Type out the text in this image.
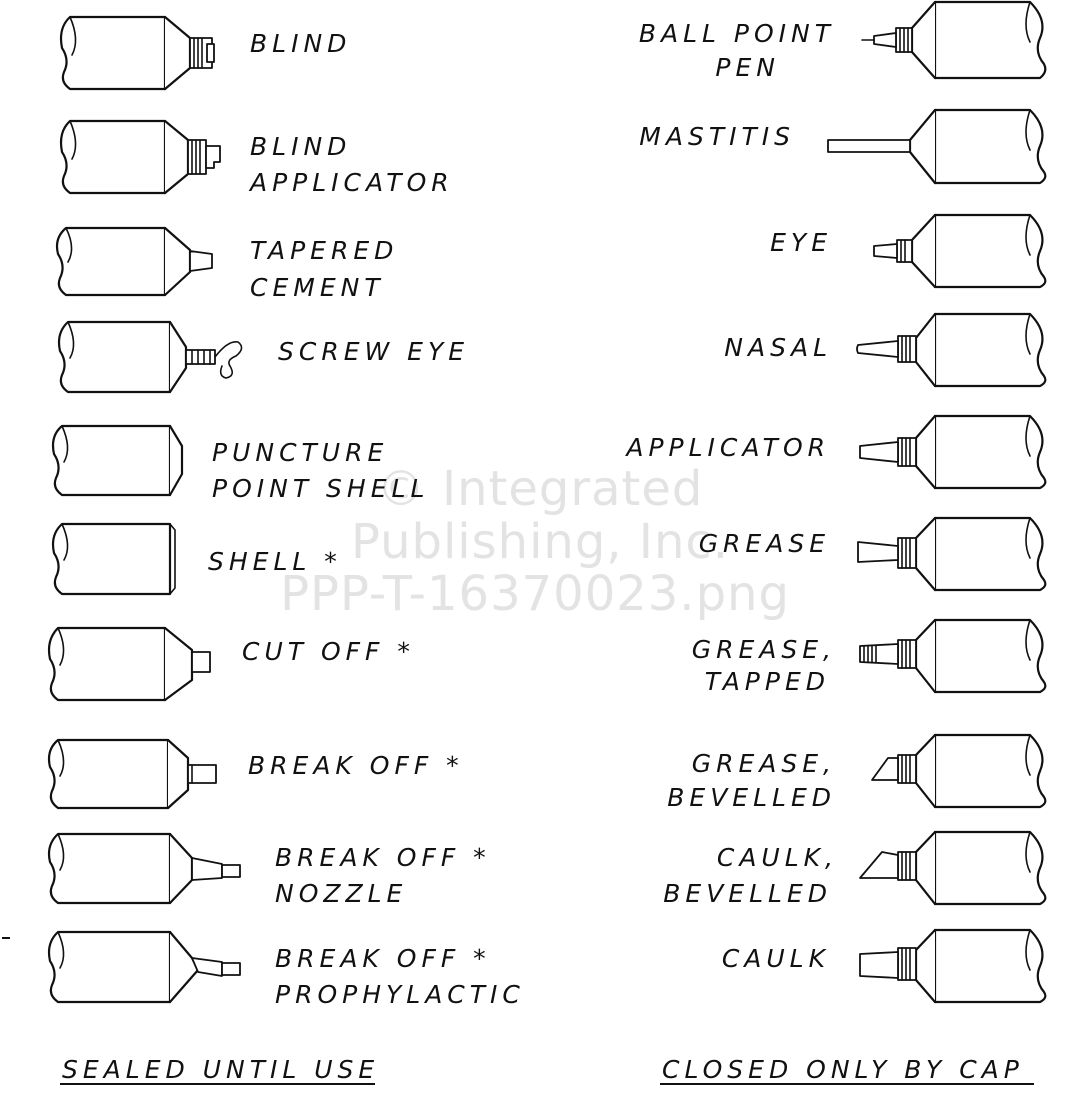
© Integrated
Publishing, Inc.
PPP-T-16370023.png
BLIND
BLIND
APPLICATOR
TAPERED
CEMENT
SCREW EYE
PUNCTURE
POINT SHELL
SHELL *
CUT OFF *
BREAK OFF *
BREAK OFF *
NOZZLE
BREAK OFF *
PROPHYLACTIC
BALL POINT
PEN
MASTITIS
EYE
NASAL
APPLICATOR
GREASE
GREASE,
TAPPED
GREASE,
BEVELLED
CAULK,
BEVELLED
CAULK
SEALED UNTIL USE	CLOSED ONLY BY CAP
